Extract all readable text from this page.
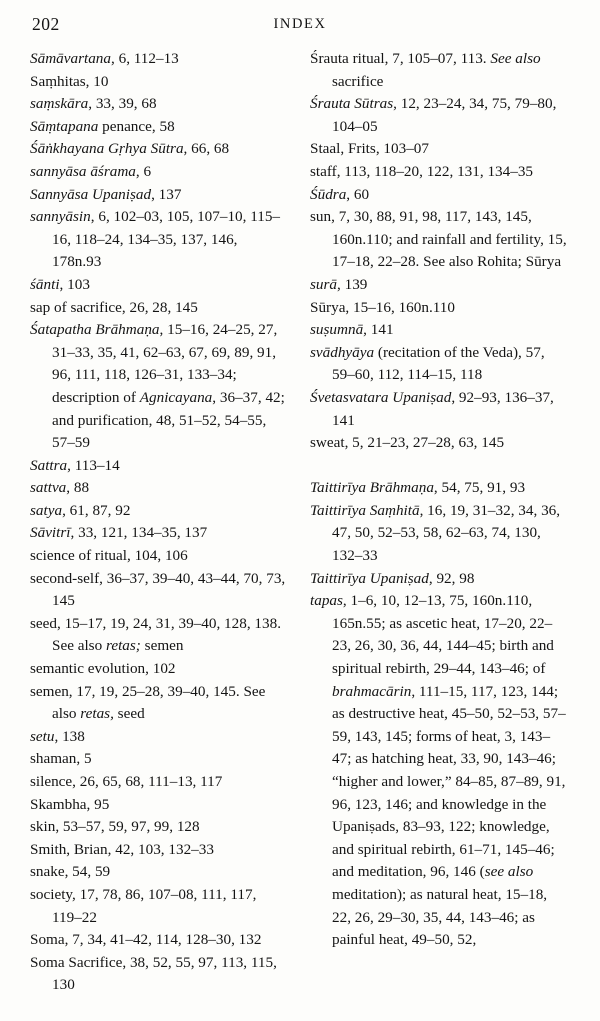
202	INDEX

Sāmāvartana, 6, 112–13

Saṃhitas, 10

saṃskāra, 33, 39, 68

Sāṃtapana penance, 58

Śāṅkhayana Gṛhya Sūtra, 66, 68

sannyāsa āśrama, 6

Sannyāsa Upaniṣad, 137

sannyāsin, 6, 102–03, 105, 107–10, 115–16, 118–24, 134–35, 137, 146, 178n.93

śānti, 103

sap of sacrifice, 26, 28, 145

Śatapatha Brāhmaṇa, 15–16, 24–25, 27, 31–33, 35, 41, 62–63, 67, 69, 89, 91, 96, 111, 118, 126–31, 133–34; description of Agnicayana, 36–37, 42; and purification, 48, 51–52, 54–55, 57–59

Sattra, 113–14

sattva, 88

satya, 61, 87, 92

Sāvitrī, 33, 121, 134–35, 137

science of ritual, 104, 106

second-self, 36–37, 39–40, 43–44, 70, 73, 145

seed, 15–17, 19, 24, 31, 39–40, 128, 138. See also retas; semen

semantic evolution, 102

semen, 17, 19, 25–28, 39–40, 145. See also retas, seed

setu, 138

shaman, 5

silence, 26, 65, 68, 111–13, 117

Skambha, 95

skin, 53–57, 59, 97, 99, 128

Smith, Brian, 42, 103, 132–33

snake, 54, 59

society, 17, 78, 86, 107–08, 111, 117, 119–22

Soma, 7, 34, 41–42, 114, 128–30, 132

Soma Sacrifice, 38, 52, 55, 97, 113, 115, 130

Śrauta ritual, 7, 105–07, 113. See also sacrifice

Śrauta Sūtras, 12, 23–24, 34, 75, 79–80, 104–05

Staal, Frits, 103–07

staff, 113, 118–20, 122, 131, 134–35

Śūdra, 60

sun, 7, 30, 88, 91, 98, 117, 143, 145, 160n.110; and rainfall and fertility, 15, 17–18, 22–28. See also Rohita; Sūrya

surā, 139

Sūrya, 15–16, 160n.110

suṣumnā, 141

svādhyāya (recitation of the Veda), 57, 59–60, 112, 114–15, 118

Śvetasvatara Upaniṣad, 92–93, 136–37, 141

sweat, 5, 21–23, 27–28, 63, 145

Taittirīya Brāhmaṇa, 54, 75, 91, 93

Taittirīya Saṃhitā, 16, 19, 31–32, 34, 36, 47, 50, 52–53, 58, 62–63, 74, 130, 132–33

Taittirīya Upaniṣad, 92, 98

tapas, 1–6, 10, 12–13, 75, 160n.110, 165n.55; as ascetic heat, 17–20, 22–23, 26, 30, 36, 44, 144–45; birth and spiritual rebirth, 29–44, 143–46; of brahmacārin, 111–15, 117, 123, 144; as destructive heat, 45–50, 52–53, 57–59, 143, 145; forms of heat, 3, 143–47; as hatching heat, 33, 90, 143–46; “higher and lower,” 84–85, 87–89, 91, 96, 123, 146; and knowledge in the Upaniṣads, 83–93, 122; knowledge, and spiritual rebirth, 61–71, 145–46; and meditation, 96, 146 (see also meditation); as natural heat, 15–18, 22, 26, 29–30, 35, 44, 143–46; as painful heat, 49–50, 52,
